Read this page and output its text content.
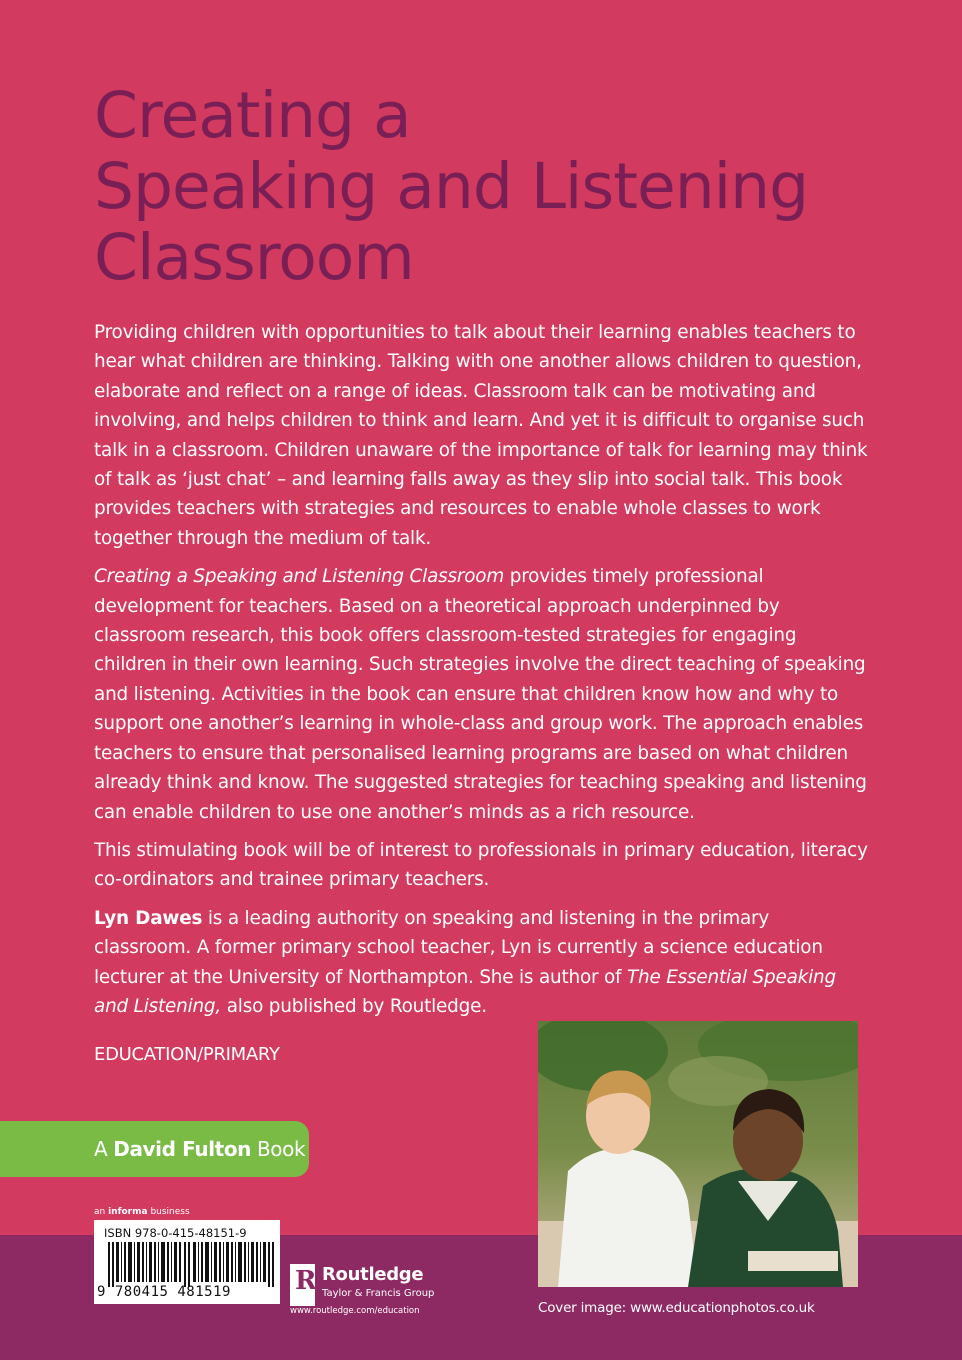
Creating a
Speaking and Listening
Classroom

Providing children with opportunities to talk about their learning enables teachers to hear what children are thinking. Talking with one another allows children to question, elaborate and reflect on a range of ideas. Classroom talk can be motivating and involving, and helps children to think and learn. And yet it is difficult to organise such talk in a classroom. Children unaware of the importance of talk for learning may think of talk as ‘just chat’ – and learning falls away as they slip into social talk. This book provides teachers with strategies and resources to enable whole classes to work together through the medium of talk.

Creating a Speaking and Listening Classroom provides timely professional development for teachers. Based on a theoretical approach underpinned by classroom research, this book offers classroom-tested strategies for engaging children in their own learning. Such strategies involve the direct teaching of speaking and listening. Activities in the book can ensure that children know how and why to support one another’s learning in whole-class and group work. The approach enables teachers to ensure that personalised learning programs are based on what children already think and know. The suggested strategies for teaching speaking and listening can enable children to use one another’s minds as a rich resource.

This stimulating book will be of interest to professionals in primary education, literacy co-ordinators and trainee primary teachers.

Lyn Dawes is a leading authority on speaking and listening in the primary classroom. A former primary school teacher, Lyn is currently a science education lecturer at the University of Northampton. She is author of The Essential Speaking and Listening, also published by Routledge.

EDUCATION/PRIMARY
A David Fulton Book
an informa business
ISBN 978-0-415-48151-9
9 780415 481519 R Routledge
Taylor & Francis Group
www.routledge.com/education	Cover image: www.educationphotos.co.uk
